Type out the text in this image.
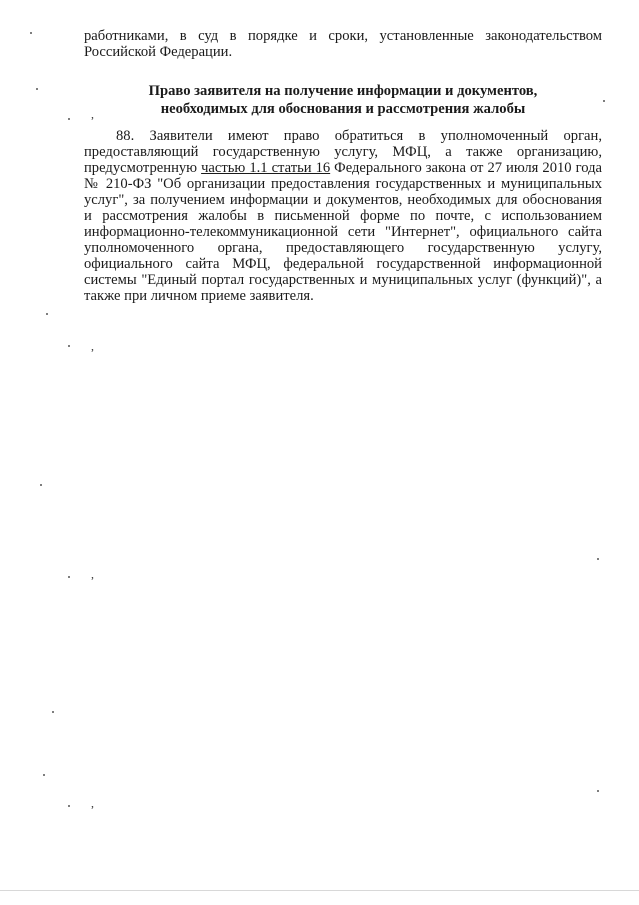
работниками, в суд в порядке и сроки, установленные законодательством Российской Федерации.
Право заявителя на получение информации и документов,
необходимых для обоснования и рассмотрения жалобы
88. Заявители имеют право обратиться в уполномоченный орган, предоставляющий государственную услугу, МФЦ, а также организацию, предусмотренную частью 1.1 статьи 16 Федерального закона от 27 июля 2010 года № 210-ФЗ "Об организации предоставления государственных и муниципальных услуг", за получением информации и документов, необходимых для обоснования и рассмотрения жалобы в письменной форме по почте, с использованием информационно-телекоммуникационной сети "Интернет", официального сайта уполномоченного органа, предоставляющего государственную услугу, официального сайта МФЦ, федеральной государственной информационной системы "Единый портал государственных и муниципальных услуг (функций)", а также при личном приеме заявителя.
,
,
,
,
